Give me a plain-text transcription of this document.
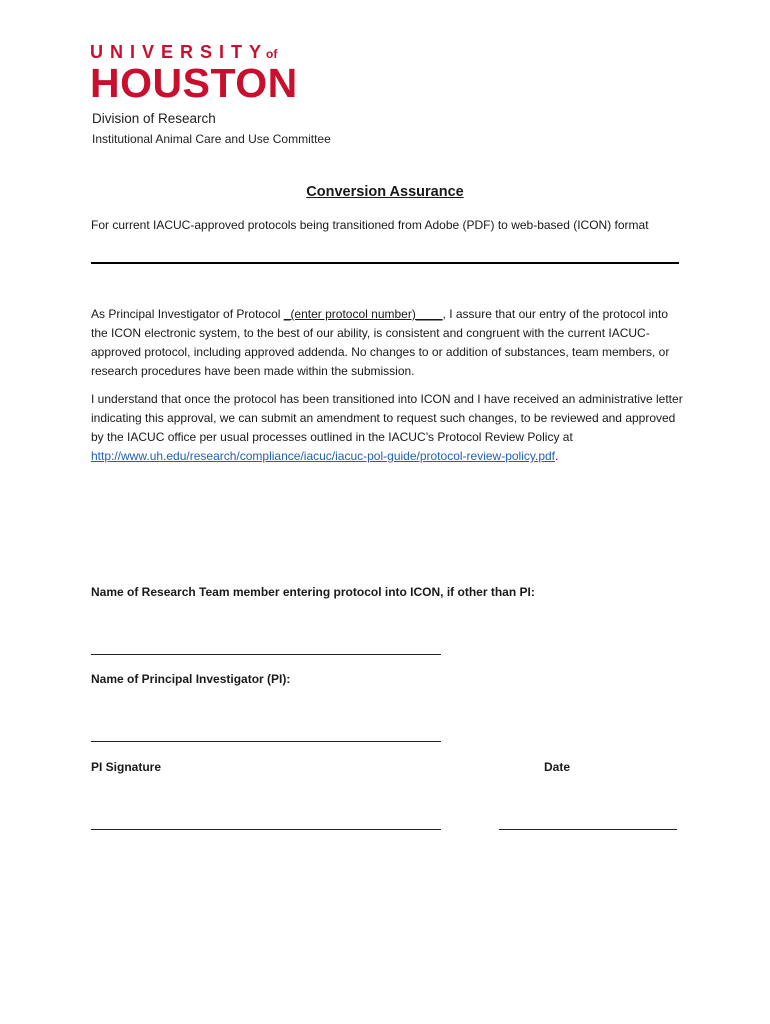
UNIVERSITY
of
HOUSTON
Division of Research
Institutional Animal Care and Use Committee
Conversion Assurance
For current IACUC-approved protocols being transitioned from Adobe (PDF) to web-based (ICON) format
As Principal Investigator of Protocol _(enter protocol number)____, I assure that our entry of the protocol into the ICON electronic system, to the best of our ability, is consistent and congruent with the current IACUC-approved protocol, including approved addenda. No changes to or addition of substances, team members, or research procedures have been made within the submission.
I understand that once the protocol has been transitioned into ICON and I have received an administrative letter indicating this approval, we can submit an amendment to request such changes, to be reviewed and approved by the IACUC office per usual processes outlined in the IACUC’s Protocol Review Policy at http://www.uh.edu/research/compliance/iacuc/iacuc-pol-guide/protocol-review-policy.pdf.
Name of Research Team member entering protocol into ICON, if other than PI:
Name of Principal Investigator (PI):
PI Signature	Date
